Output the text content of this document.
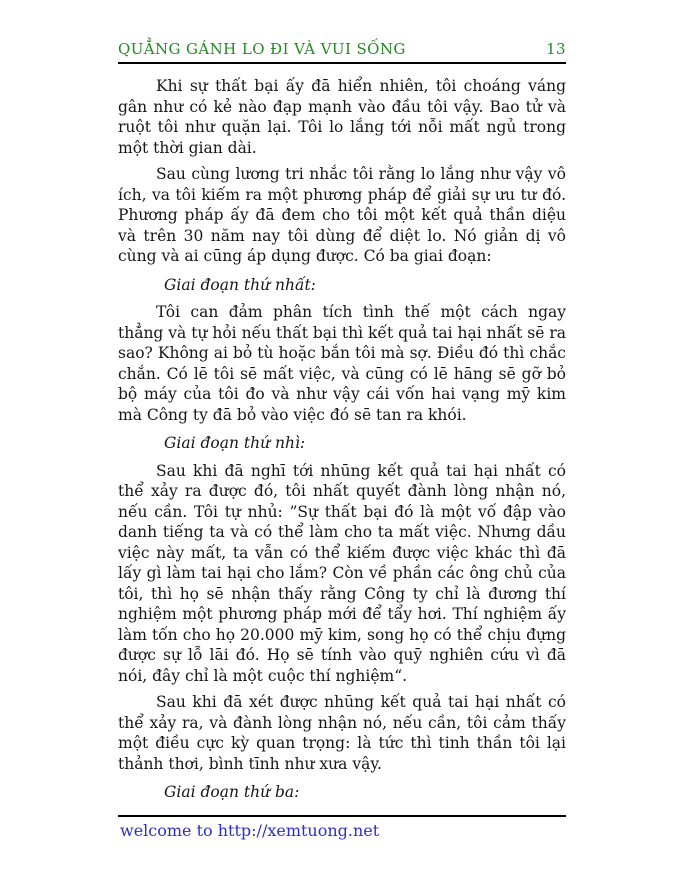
QUẲNG GÁNH LO ĐI VÀ VUI SỐNG	13

Khi sự thất bại ấy đā hiển nhiên, tôi choáng váng gân như có kẻ nào đạp mạnh vào đầu tôi vậy. Bao tử và ruột tôi như quặn lại. Tôi lo lắng tới nỗi mất ngủ trong một thời gian dài.

Sau cùng lương tri nhắc tôi rằng lo lắng như vậy vô ích, va tôi kiếm ra một phương pháp để giải sự ưu tư đó. Phương pháp ấy đā đem cho tôi một kết quả thần diệu và trên 30 năm nay tôi dùng để diệt lo. Nó giản dị vô cùng và ai cūng áp dụng được. Có ba giai đoạn:

Giai đoạn thứ nhất:

Tôi can đảm phân tích tình thế một cách ngay thẳng và tự hỏi nếu thất bại thì kết quả tai hại nhất sē ra sao? Không ai bỏ tù hoặc bắn tôi mà sợ. Điều đó thì chắc chắn. Có lē tôi sē mất việc, và cūng có lē hāng sē gỡ bỏ bộ máy của tôi đo và như vậy cái vốn hai vạng mȳ kim mà Công ty đā bỏ vào việc đó sē tan ra khói.

Giai đoạn thứ nhì:

Sau khi đā nghī tới nhūng kết quả tai hại nhất có thể xảy ra được đó, tôi nhất quyết đành lòng nhận nó, nếu cần. Tôi tự nhủ: ”Sự thất bại đó là một vố đập vào danh tiếng ta và có thể làm cho ta mất việc. Nhưng dầu việc này mất, ta vẫn có thể kiếm được việc khác thì đā lấy gì làm tai hại cho lắm? Còn về phần các ông chủ của tôi, thì họ sē nhận thấy rằng Công ty chỉ là đương thí nghiệm một phương pháp mới để tẩy hơi. Thí nghiệm ấy làm tốn cho họ 20.000 mȳ kim, song họ có thể chịu đựng được sự lỗ lāi đó. Họ sē tính vào quȳ nghiên cứu vì đā nói, đây chỉ là một cuộc thí nghiệm“.

Sau khi đā xét được nhūng kết quả tai hại nhất có thể xảy ra, và đành lòng nhận nó, nếu cần, tôi cảm thấy một điều cực kỳ quan trọng: là tức thì tinh thần tôi lại thảnh thơi, bình tīnh như xưa vậy.

Giai đoạn thứ ba:

welcome to http://xemtuong.net
